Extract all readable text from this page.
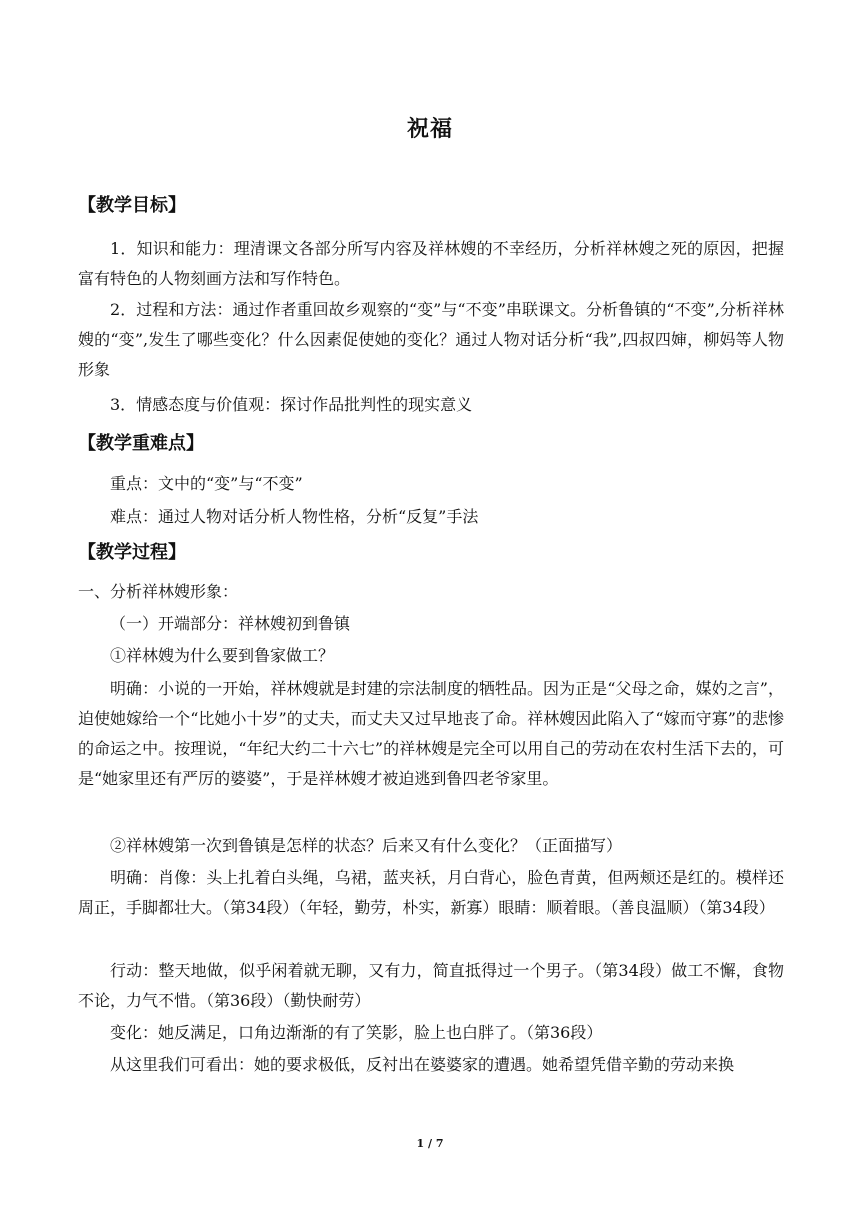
祝福
【教学目标】
1．知识和能力：理清课文各部分所写内容及祥林嫂的不幸经历，分析祥林嫂之死的原因，把握富有特色的人物刻画方法和写作特色。
2．过程和方法：通过作者重回故乡观察的“变”与“不变”串联课文。分析鲁镇的“不变”,分析祥林嫂的“变”,发生了哪些变化？什么因素促使她的变化？通过人物对话分析“我”,四叔四婶，柳妈等人物形象
3．情感态度与价值观：探讨作品批判性的现实意义
【教学重难点】
重点：文中的“变”与“不变”
难点：通过人物对话分析人物性格，分析“反复”手法
【教学过程】
一、分析祥林嫂形象：
（一）开端部分：祥林嫂初到鲁镇
①祥林嫂为什么要到鲁家做工？
明确：小说的一开始，祥林嫂就是封建的宗法制度的牺牲品。因为正是“父母之命，媒妁之言”，迫使她嫁给一个“比她小十岁”的丈夫，而丈夫又过早地丧了命。祥林嫂因此陷入了“嫁而守寡”的悲惨的命运之中。按理说，“年纪大约二十六七”的祥林嫂是完全可以用自己的劳动在农村生活下去的，可是“她家里还有严厉的婆婆”，于是祥林嫂才被迫逃到鲁四老爷家里。
②祥林嫂第一次到鲁镇是怎样的状态？后来又有什么变化？（正面描写）
明确：肖像：头上扎着白头绳，乌裙，蓝夹袄，月白背心，脸色青黄，但两颊还是红的。模样还周正，手脚都壮大。（第34段）（年轻，勤劳，朴实，新寡）眼睛：顺着眼。（善良温顺）（第34段）
行动：整天地做，似乎闲着就无聊，又有力，简直抵得过一个男子。（第34段）做工不懈，食物不论，力气不惜。（第36段）（勤快耐劳）
变化：她反满足，口角边渐渐的有了笑影，脸上也白胖了。（第36段）
从这里我们可看出：她的要求极低，反衬出在婆婆家的遭遇。她希望凭借辛勤的劳动来换
1 / 7
